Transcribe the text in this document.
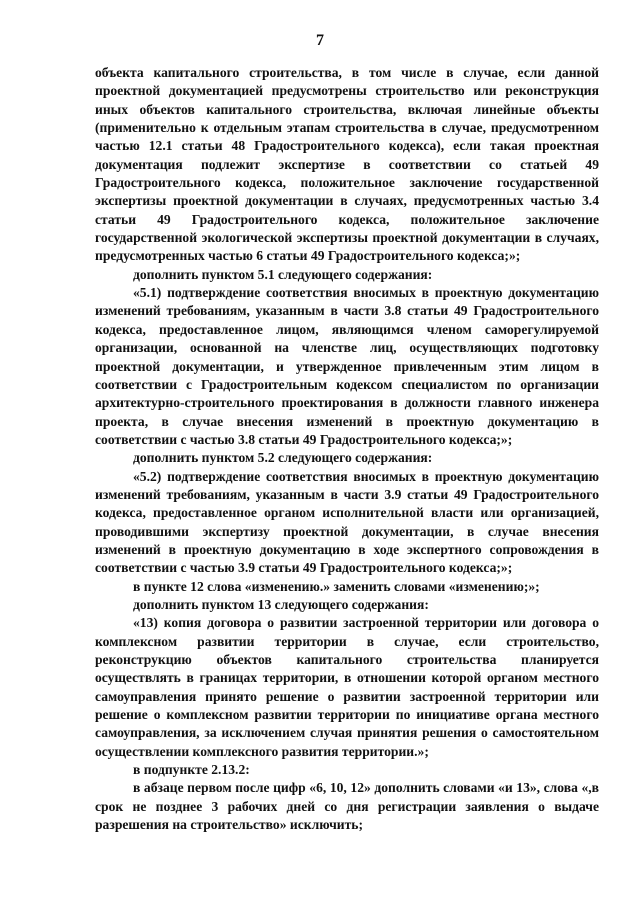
7

объекта капитального строительства, в том числе в случае, если данной проектной документацией предусмотрены строительство или реконструкция иных объектов капитального строительства, включая линейные объекты (применительно к отдельным этапам строительства в случае, предусмотренном частью 12.1 статьи 48 Градостроительного кодекса), если такая проектная документация подлежит экспертизе в соответствии со статьей 49 Градостроительного кодекса, положительное заключение государственной экспертизы проектной документации в случаях, предусмотренных частью 3.4 статьи 49 Градостроительного кодекса, положительное заключение государственной экологической экспертизы проектной документации в случаях, предусмотренных частью 6 статьи 49 Градостроительного кодекса;»;

дополнить пунктом 5.1 следующего содержания:

«5.1) подтверждение соответствия вносимых в проектную документацию изменений требованиям, указанным в части 3.8 статьи 49 Градостроительного кодекса, предоставленное лицом, являющимся членом саморегулируемой организации, основанной на членстве лиц, осуществляющих подготовку проектной документации, и утвержденное привлеченным этим лицом в соответствии с Градостроительным кодексом специалистом по организации архитектурно-строительного проектирования в должности главного инженера проекта, в случае внесения изменений в проектную документацию в соответствии с частью 3.8 статьи 49 Градостроительного кодекса;»;

дополнить пунктом 5.2 следующего содержания:

«5.2) подтверждение соответствия вносимых в проектную документацию изменений требованиям, указанным в части 3.9 статьи 49 Градостроительного кодекса, предоставленное органом исполнительной власти или организацией, проводившими экспертизу проектной документации, в случае внесения изменений в проектную документацию в ходе экспертного сопровождения в соответствии с частью 3.9 статьи 49 Градостроительного кодекса;»;

в пункте 12 слова «изменению.» заменить словами «изменению;»;

дополнить пунктом 13 следующего содержания:

«13) копия договора о развитии застроенной территории или договора о комплексном развитии территории в случае, если строительство, реконструкцию объектов капитального строительства планируется осуществлять в границах территории, в отношении которой органом местного самоуправления принято решение о развитии застроенной территории или решение о комплексном развитии территории по инициативе органа местного самоуправления, за исключением случая принятия решения о самостоятельном осуществлении комплексного развития территории.»;

в подпункте 2.13.2:

в абзаце первом после цифр «6, 10, 12» дополнить словами «и 13», слова «,в срок не позднее 3 рабочих дней со дня регистрации заявления о выдаче разрешения на строительство» исключить;
